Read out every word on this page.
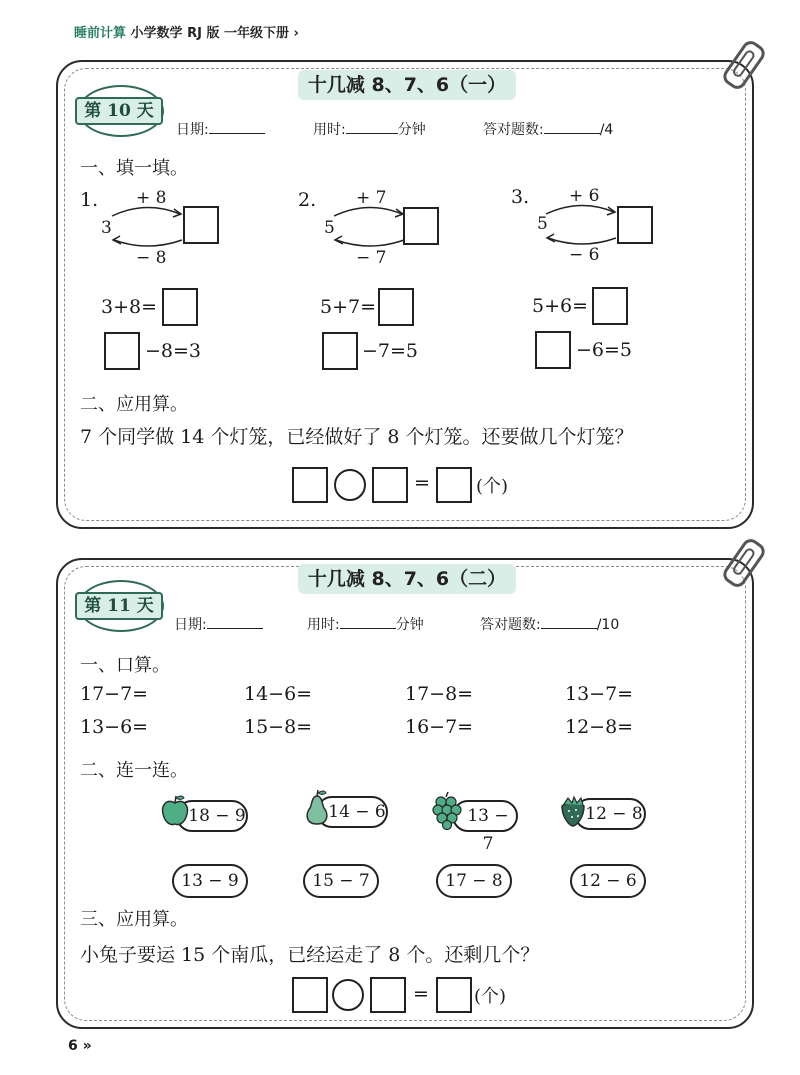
睡前计算 小学数学 RJ 版 一年级下册 ›
十几减 8、7、6（一）
第 10 天
日期:	用时:	分钟	答对题数:	/4
一、填一填。
1. + 8
3
− 8
2. + 7
5
− 7
3. + 6
5
− 6
3+8=	5+7=	5+6=
−8=3	−7=5	−6=5
二、应用算。
7 个同学做 14 个灯笼，已经做好了 8 个灯笼。还要做几个灯笼？
=	(个)
十几减 8、7、6（二）
第 11 天
日期:	用时:	分钟	答对题数:	/10
一、口算。
17−7=	14−6=	17−8=	13−7=
13−6=	15−8=	16−7=	12−8=
二、连一连。
18 − 9	14 − 6	13 − 7
12 − 8
13 − 9	15 − 7	17 − 8	12 − 6
三、应用算。
小兔子要运 15 个南瓜，已经运走了 8 个。还剩几个？
=	(个)
6 »
